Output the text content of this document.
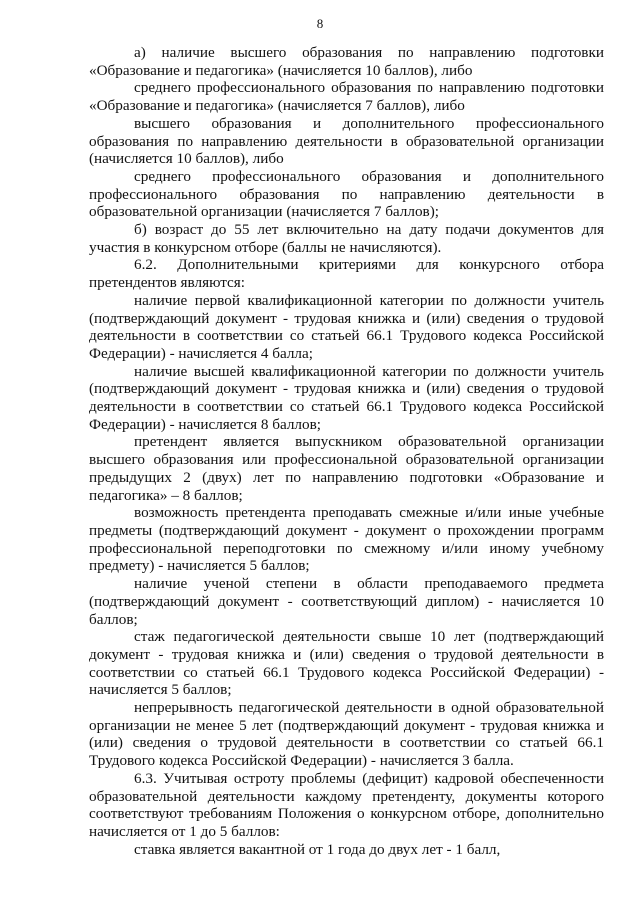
8

а) наличие высшего образования по направлению подготовки «Образование и педагогика» (начисляется 10 баллов), либо

среднего профессионального образования по направлению подготовки «Образование и педагогика» (начисляется 7 баллов), либо

высшего образования и дополнительного профессионального образования по направлению деятельности в образовательной организации (начисляется 10 баллов), либо

среднего профессионального образования и дополнительного профессионального образования по направлению деятельности в образовательной организации (начисляется 7 баллов);

б) возраст до 55 лет включительно на дату подачи документов для участия в конкурсном отборе (баллы не начисляются).

6.2. Дополнительными критериями для конкурсного отбора претендентов являются:

наличие первой квалификационной категории по должности учитель (подтверждающий документ - трудовая книжка и (или) сведения о трудовой деятельности в соответствии со статьей 66.1 Трудового кодекса Российской Федерации) - начисляется 4 балла;

наличие высшей квалификационной категории по должности учитель (подтверждающий документ - трудовая книжка и (или) сведения о трудовой деятельности в соответствии со статьей 66.1 Трудового кодекса Российской Федерации) - начисляется 8 баллов;

претендент является выпускником образовательной организации высшего образования или профессиональной образовательной организации предыдущих 2 (двух) лет по направлению подготовки «Образование и педагогика» – 8 баллов;

возможность претендента преподавать смежные и/или иные учебные предметы (подтверждающий документ - документ о прохождении программ профессиональной переподготовки по смежному и/или иному учебному предмету) - начисляется 5 баллов;

наличие ученой степени в области преподаваемого предмета (подтверждающий документ - соответствующий диплом) - начисляется 10 баллов;

стаж педагогической деятельности свыше 10 лет (подтверждающий документ - трудовая книжка и (или) сведения о трудовой деятельности в соответствии со статьей 66.1 Трудового кодекса Российской Федерации) - начисляется 5 баллов;

непрерывность педагогической деятельности в одной образовательной организации не менее 5 лет (подтверждающий документ - трудовая книжка и (или) сведения о трудовой деятельности в соответствии со статьей 66.1 Трудового кодекса Российской Федерации) - начисляется 3 балла.

6.3. Учитывая остроту проблемы (дефицит) кадровой обеспеченности образовательной деятельности каждому претенденту, документы которого соответствуют требованиям Положения о конкурсном отборе, дополнительно начисляется от 1 до 5 баллов:

ставка является вакантной от 1 года до двух лет - 1 балл,
